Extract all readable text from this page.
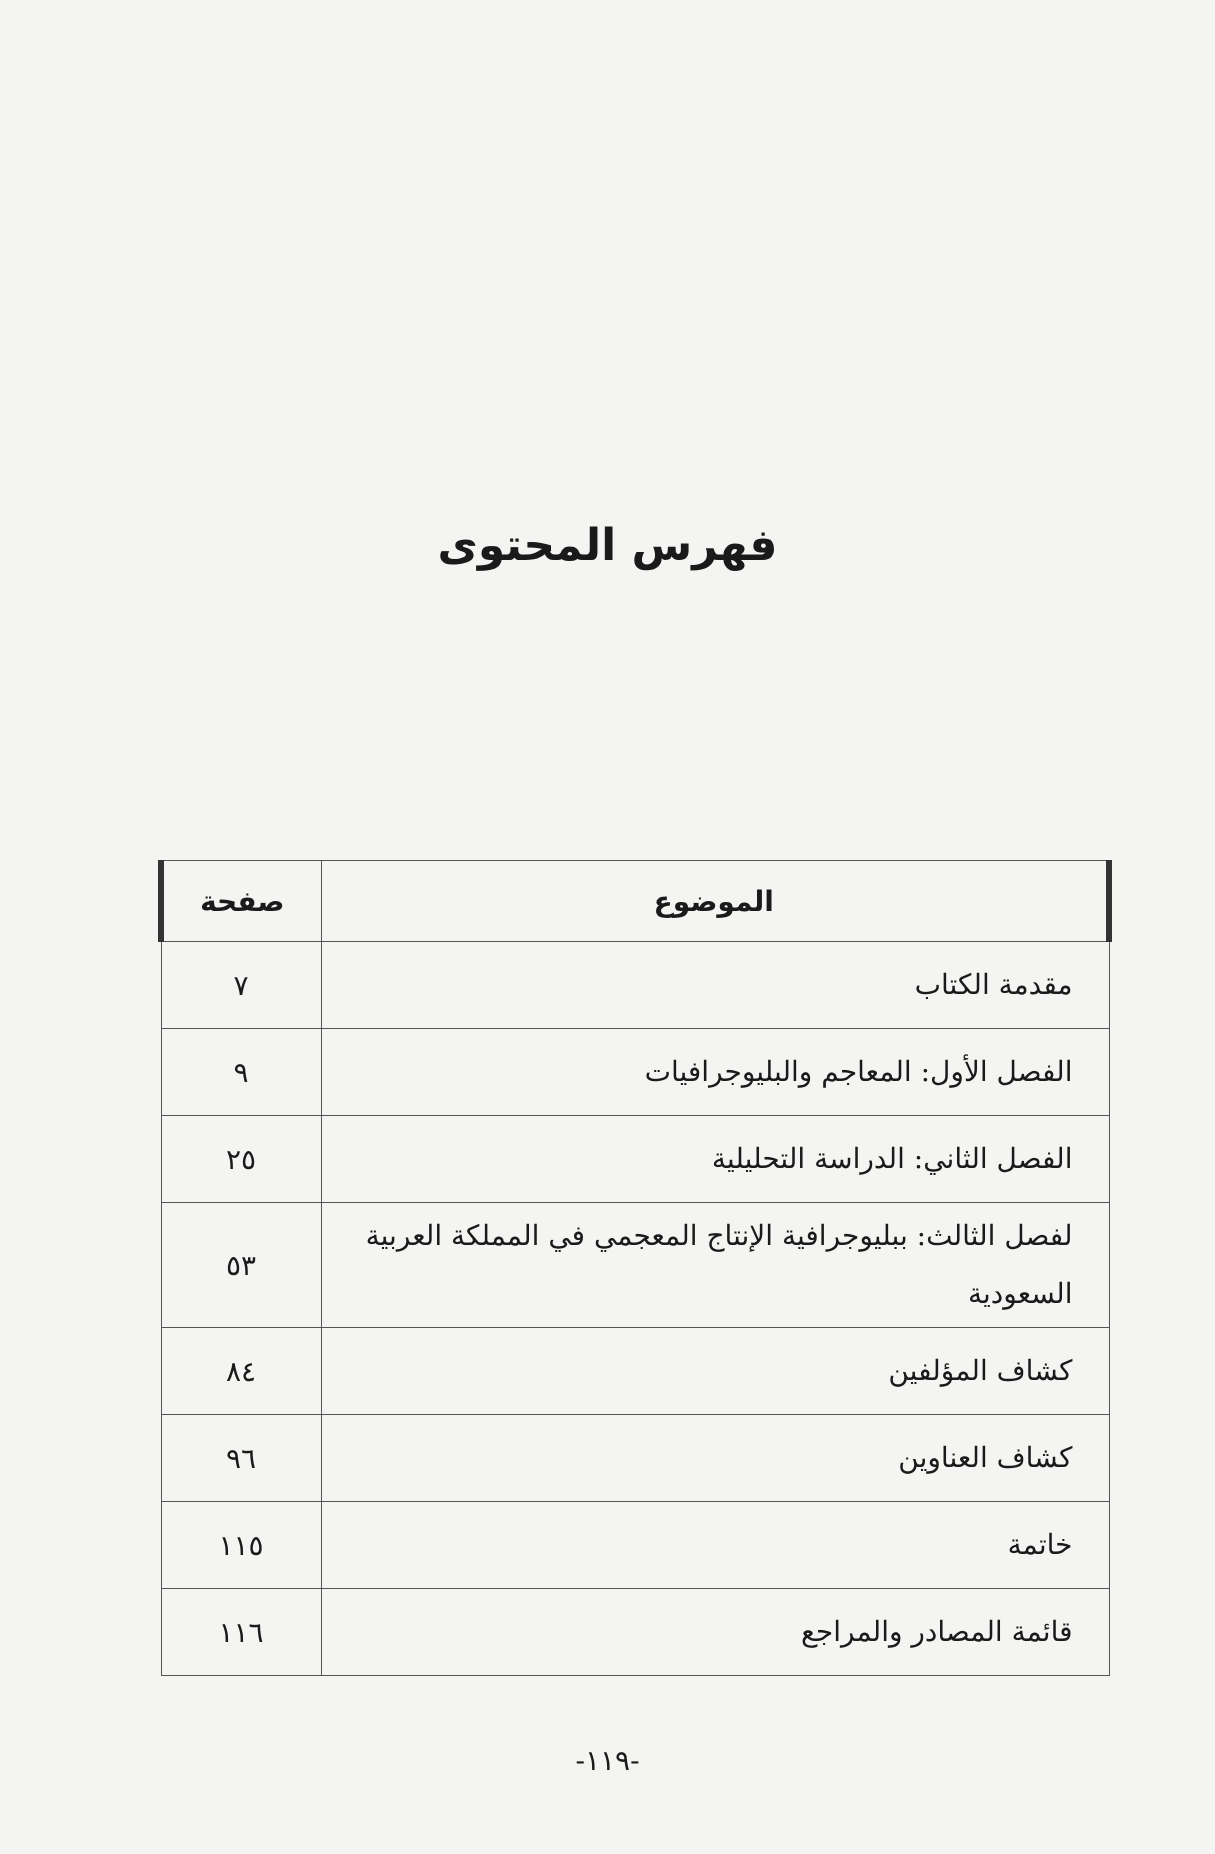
فهرس المحتوى
الموضوع	صفحة
مقدمة الكتاب	٧
الفصل الأول: المعاجم والبليوجرافيات	٩
الفصل الثاني: الدراسة التحليلية	٢٥
لفصل الثالث: ببليوجرافية الإنتاج المعجمي في المملكة العربية السعودية	٥٣
كشاف المؤلفين	٨٤
كشاف العناوين	٩٦
خاتمة	١١٥
قائمة المصادر والمراجع	١١٦
-١١٩-
